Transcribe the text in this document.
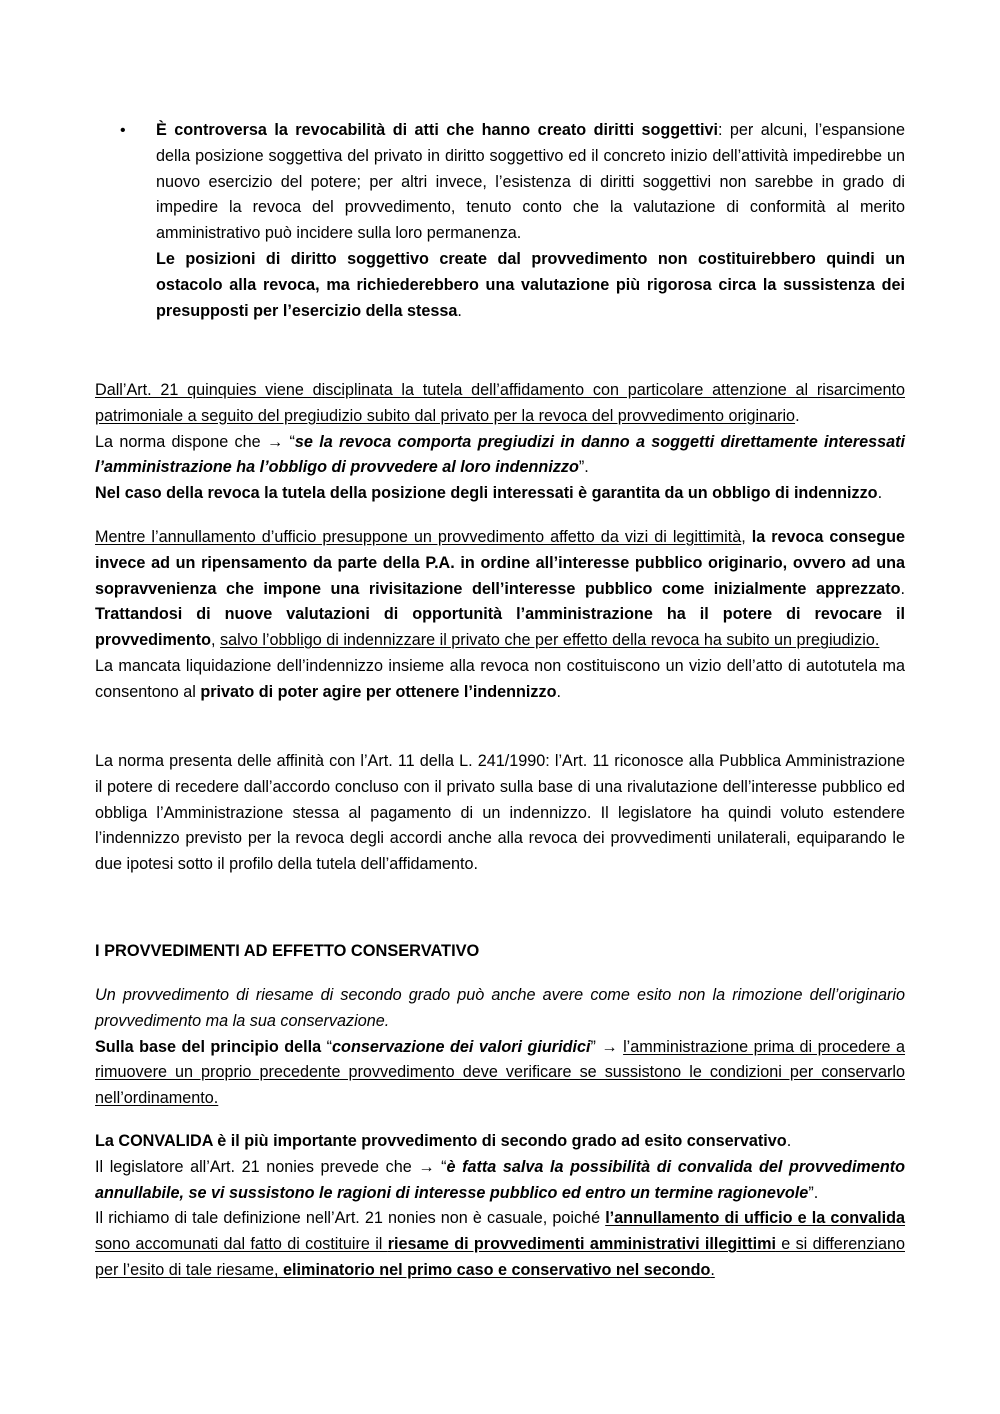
•	È controversa la revocabilità di atti che hanno creato diritti soggettivi: per alcuni, l’espansione della posizione soggettiva del privato in diritto soggettivo ed il concreto inizio dell’attività impedirebbe un nuovo esercizio del potere; per altri invece, l’esistenza di diritti soggettivi non sarebbe in grado di impedire la revoca del provvedimento, tenuto conto che la valutazione di conformità al merito amministrativo può incidere sulla loro permanenza.

Le posizioni di diritto soggettivo create dal provvedimento non costituirebbero quindi un ostacolo alla revoca, ma richiederebbero una valutazione più rigorosa circa la sussistenza dei presupposti per l’esercizio della stessa.

Dall’Art. 21 quinquies viene disciplinata la tutela dell’affidamento con particolare attenzione al risarcimento patrimoniale a seguito del pregiudizio subito dal privato per la revoca del provvedimento originario.

La norma dispone che → “se la revoca comporta pregiudizi in danno a soggetti direttamente interessati l’amministrazione ha l’obbligo di provvedere al loro indennizzo”.

Nel caso della revoca la tutela della posizione degli interessati è garantita da un obbligo di indennizzo.

Mentre l’annullamento d’ufficio presuppone un provvedimento affetto da vizi di legittimità, la revoca consegue invece ad un ripensamento da parte della P.A. in ordine all’interesse pubblico originario, ovvero ad una sopravvenienza che impone una rivisitazione dell’interesse pubblico come inizialmente apprezzato. Trattandosi di nuove valutazioni di opportunità l’amministrazione ha il potere di revocare il provvedimento, salvo l’obbligo di indennizzare il privato che per effetto della revoca ha subito un pregiudizio.

La mancata liquidazione dell’indennizzo insieme alla revoca non costituiscono un vizio dell’atto di autotutela ma consentono al privato di poter agire per ottenere l’indennizzo.

La norma presenta delle affinità con l’Art. 11 della L. 241/1990: l’Art. 11 riconosce alla Pubblica Amministrazione il potere di recedere dall’accordo concluso con il privato sulla base di una rivalutazione dell’interesse pubblico ed obbliga l’Amministrazione stessa al pagamento di un indennizzo. Il legislatore ha quindi voluto estendere l’indennizzo previsto per la revoca degli accordi anche alla revoca dei provvedimenti unilaterali, equiparando le due ipotesi sotto il profilo della tutela dell’affidamento.

I PROVVEDIMENTI AD EFFETTO CONSERVATIVO

Un provvedimento di riesame di secondo grado può anche avere come esito non la rimozione dell’originario provvedimento ma la sua conservazione.

Sulla base del principio della “conservazione dei valori giuridici” → l’amministrazione prima di procedere a rimuovere un proprio precedente provvedimento deve verificare se sussistono le condizioni per conservarlo nell’ordinamento.

La CONVALIDA è il più importante provvedimento di secondo grado ad esito conservativo.

Il legislatore all’Art. 21 nonies prevede che → “è fatta salva la possibilità di convalida del provvedimento annullabile, se vi sussistono le ragioni di interesse pubblico ed entro un termine ragionevole”.

Il richiamo di tale definizione nell’Art. 21 nonies non è casuale, poiché l’annullamento di ufficio e la convalida sono accomunati dal fatto di costituire il riesame di provvedimenti amministrativi illegittimi e si differenziano per l’esito di tale riesame, eliminatorio nel primo caso e conservativo nel secondo.
